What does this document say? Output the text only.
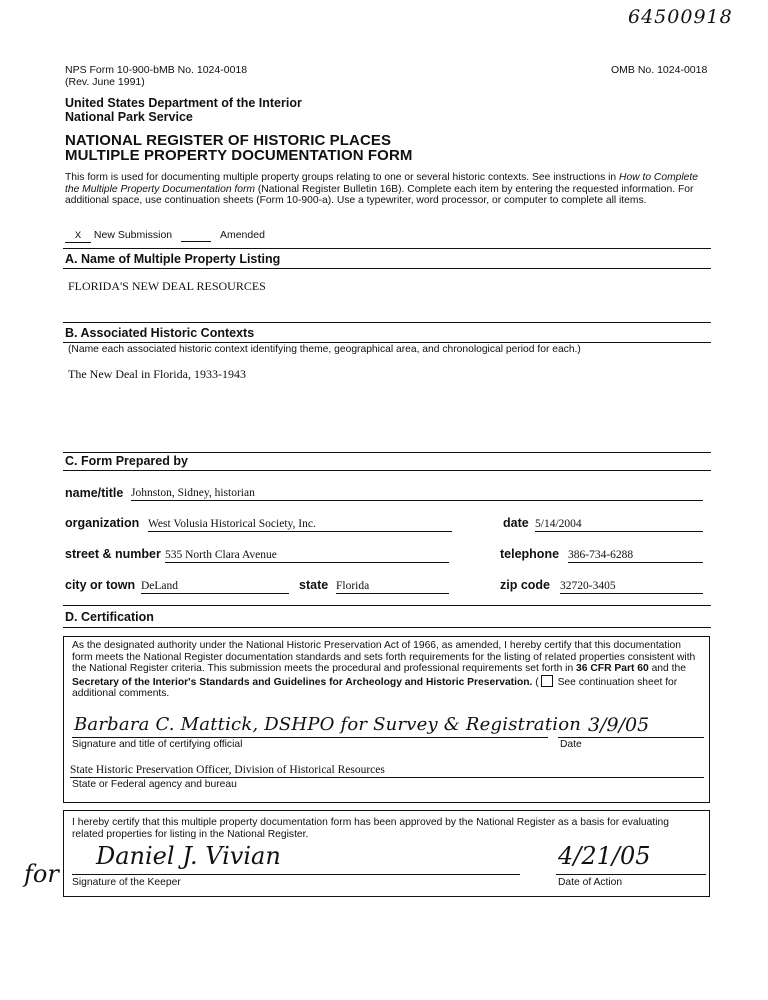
64500918
NPS Form 10-900-bMB No. 1024-0018
(Rev. June 1991)
OMB No. 1024-0018
United States Department of the Interior
National Park Service
NATIONAL REGISTER OF HISTORIC PLACES
MULTIPLE PROPERTY DOCUMENTATION FORM
This form is used for documenting multiple property groups relating to one or several historic contexts. See instructions in How to Complete the Multiple Property Documentation form (National Register Bulletin 16B). Complete each item by entering the requested information. For additional space, use continuation sheets (Form 10-900-a). Use a typewriter, word processor, or computer to complete all items.
X New Submission	Amended
A. Name of Multiple Property Listing
FLORIDA'S NEW DEAL RESOURCES
B. Associated Historic Contexts
(Name each associated historic context identifying theme, geographical area, and chronological period for each.)
The New Deal in Florida, 1933-1943
C. Form Prepared by
name/title Johnston, Sidney, historian
organization West Volusia Historical Society, Inc.	date 5/14/2004
street & number 535 North Clara Avenue	telephone 386-734-6288
city or town DeLand	state Florida	zip code 32720-3405
D. Certification
As the designated authority under the National Historic Preservation Act of 1966, as amended, I hereby certify that this documentation form meets the National Register documentation standards and sets forth requirements for the listing of related properties consistent with the National Register criteria. This submission meets the procedural and professional requirements set forth in 36 CFR Part 60 and the Secretary of the Interior's Standards and Guidelines for Archeology and Historic Preservation. ( See continuation sheet for additional comments.
Barbara C. Mattick, DSHPO for Survey & Registration 3/9/05
Signature and title of certifying official	Date
State Historic Preservation Officer, Division of Historical Resources
State or Federal agency and bureau
I hereby certify that this multiple property documentation form has been approved by the National Register as a basis for evaluating related properties for listing in the National Register.
for
Daniel J. Vivian
Signature of the Keeper
4/21/05
Date of Action
